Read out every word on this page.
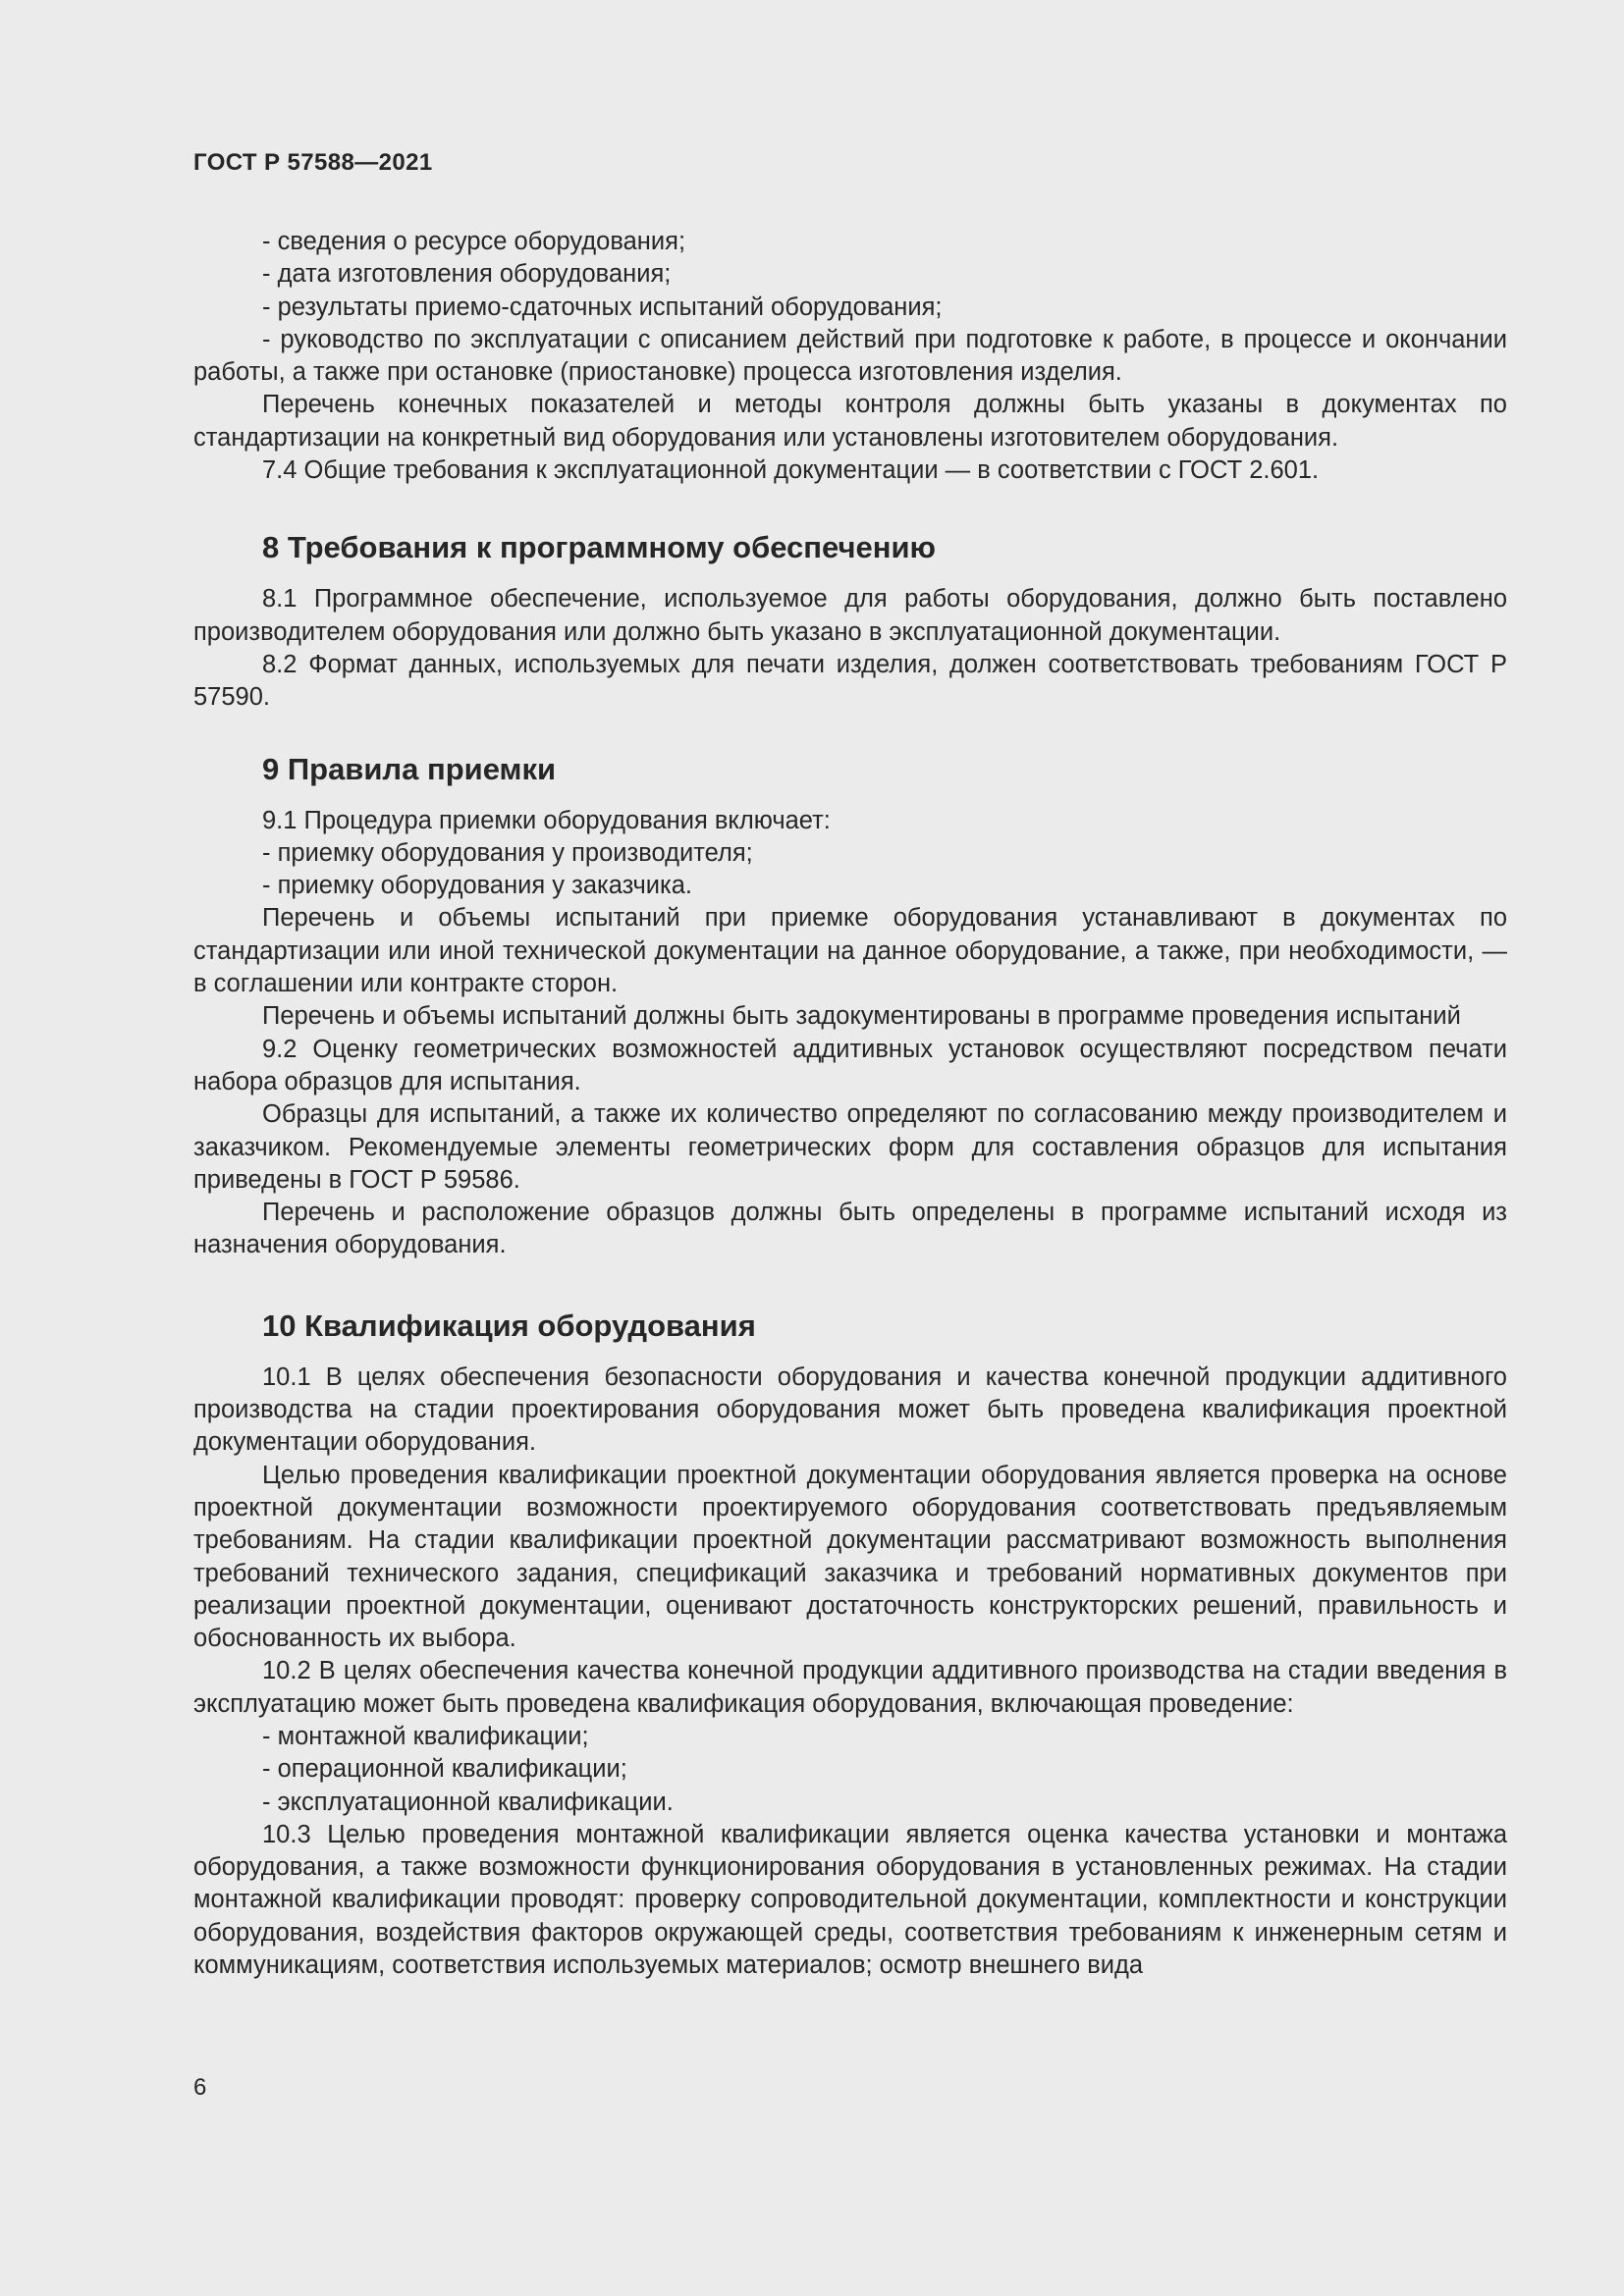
ГОСТ Р 57588—2021

- сведения о ресурсе оборудования;

- дата изготовления оборудования;

- результаты приемо-сдаточных испытаний оборудования;

- руководство по эксплуатации с описанием действий при подготовке к работе, в процессе и окончании работы, а также при остановке (приостановке) процесса изготовления изделия.

Перечень конечных показателей и методы контроля должны быть указаны в документах по стандартизации на конкретный вид оборудования или установлены изготовителем оборудования.

7.4 Общие требования к эксплуатационной документации — в соответствии с ГОСТ 2.601.

8 Требования к программному обеспечению

8.1 Программное обеспечение, используемое для работы оборудования, должно быть поставлено производителем оборудования или должно быть указано в эксплуатационной документации.

8.2 Формат данных, используемых для печати изделия, должен соответствовать требованиям ГОСТ Р 57590.

9 Правила приемки

9.1 Процедура приемки оборудования включает:

- приемку оборудования у производителя;

- приемку оборудования у заказчика.

Перечень и объемы испытаний при приемке оборудования устанавливают в документах по стандартизации или иной технической документации на данное оборудование, а также, при необходимости, — в соглашении или контракте сторон.

Перечень и объемы испытаний должны быть задокументированы в программе проведения испытаний

9.2 Оценку геометрических возможностей аддитивных установок осуществляют посредством печати набора образцов для испытания.

Образцы для испытаний, а также их количество определяют по согласованию между производителем и заказчиком. Рекомендуемые элементы геометрических форм для составления образцов для испытания приведены в ГОСТ Р 59586.

Перечень и расположение образцов должны быть определены в программе испытаний исходя из назначения оборудования.

10 Квалификация оборудования

10.1 В целях обеспечения безопасности оборудования и качества конечной продукции аддитивного производства на стадии проектирования оборудования может быть проведена квалификация проектной документации оборудования.

Целью проведения квалификации проектной документации оборудования является проверка на основе проектной документации возможности проектируемого оборудования соответствовать предъявляемым требованиям. На стадии квалификации проектной документации рассматривают возможность выполнения требований технического задания, спецификаций заказчика и требований нормативных документов при реализации проектной документации, оценивают достаточность конструкторских решений, правильность и обоснованность их выбора.

10.2 В целях обеспечения качества конечной продукции аддитивного производства на стадии введения в эксплуатацию может быть проведена квалификация оборудования, включающая проведение:

- монтажной квалификации;

- операционной квалификации;

- эксплуатационной квалификации.

10.3 Целью проведения монтажной квалификации является оценка качества установки и монтажа оборудования, а также возможности функционирования оборудования в установленных режимах. На стадии монтажной квалификации проводят: проверку сопроводительной документации, комплектности и конструкции оборудования, воздействия факторов окружающей среды, соответствия требованиям к инженерным сетям и коммуникациям, соответствия используемых материалов; осмотр внешнего вида

6
